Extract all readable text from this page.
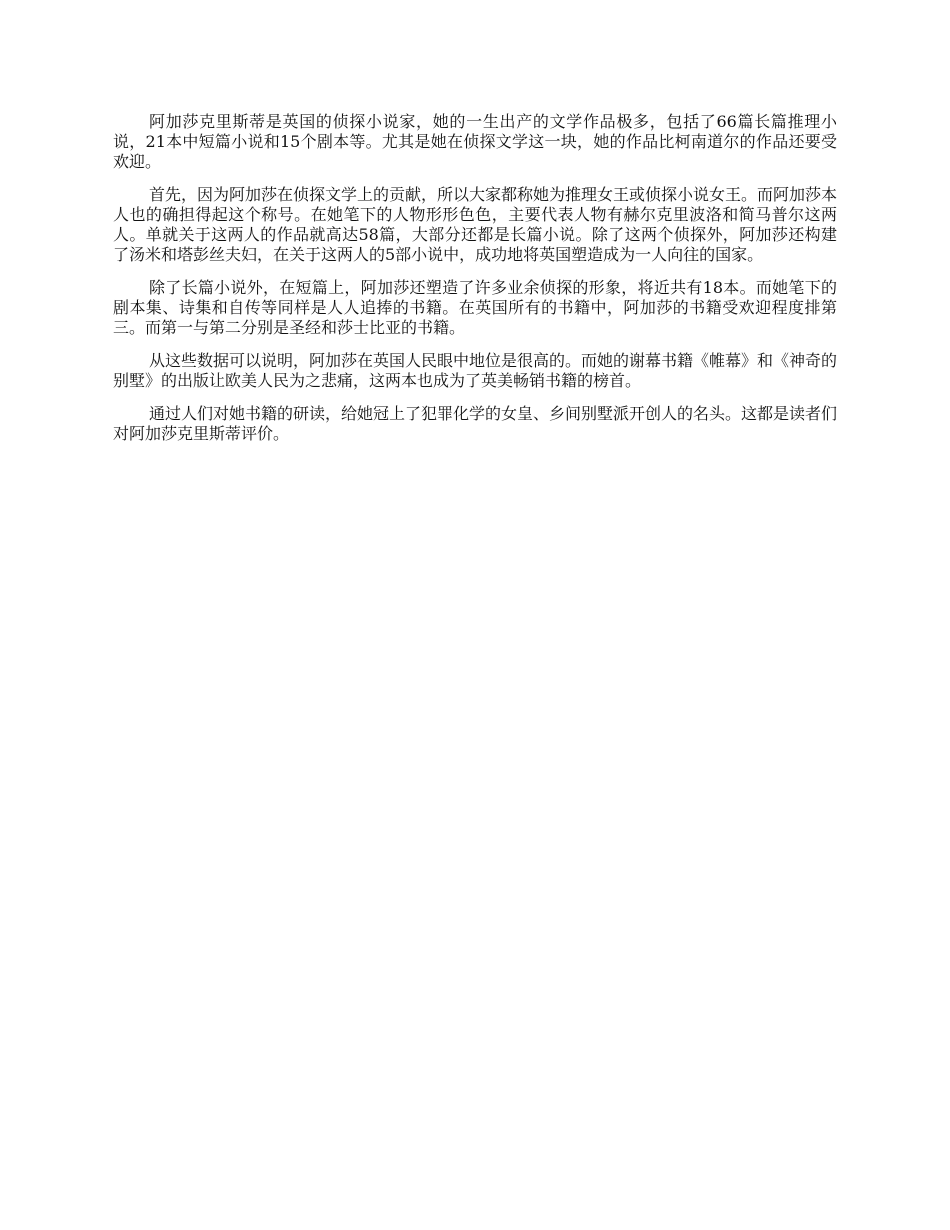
阿加莎克里斯蒂是英国的侦探小说家，她的一生出产的文学作品极多，包括了66篇长篇推理小说，21本中短篇小说和15个剧本等。尤其是她在侦探文学这一块，她的作品比柯南道尔的作品还要受欢迎。

首先，因为阿加莎在侦探文学上的贡献，所以大家都称她为推理女王或侦探小说女王。而阿加莎本人也的确担得起这个称号。在她笔下的人物形形色色，主要代表人物有赫尔克里波洛和简马普尔这两人。单就关于这两人的作品就高达58篇，大部分还都是长篇小说。除了这两个侦探外，阿加莎还构建了汤米和塔彭丝夫妇，在关于这两人的5部小说中，成功地将英国塑造成为一人向往的国家。

除了长篇小说外，在短篇上，阿加莎还塑造了许多业余侦探的形象，将近共有18本。而她笔下的剧本集、诗集和自传等同样是人人追捧的书籍。在英国所有的书籍中，阿加莎的书籍受欢迎程度排第三。而第一与第二分别是圣经和莎士比亚的书籍。

从这些数据可以说明，阿加莎在英国人民眼中地位是很高的。而她的谢幕书籍《帷幕》和《神奇的别墅》的出版让欧美人民为之悲痛，这两本也成为了英美畅销书籍的榜首。

通过人们对她书籍的研读，给她冠上了犯罪化学的女皇、乡间别墅派开创人的名头。这都是读者们对阿加莎克里斯蒂评价。
